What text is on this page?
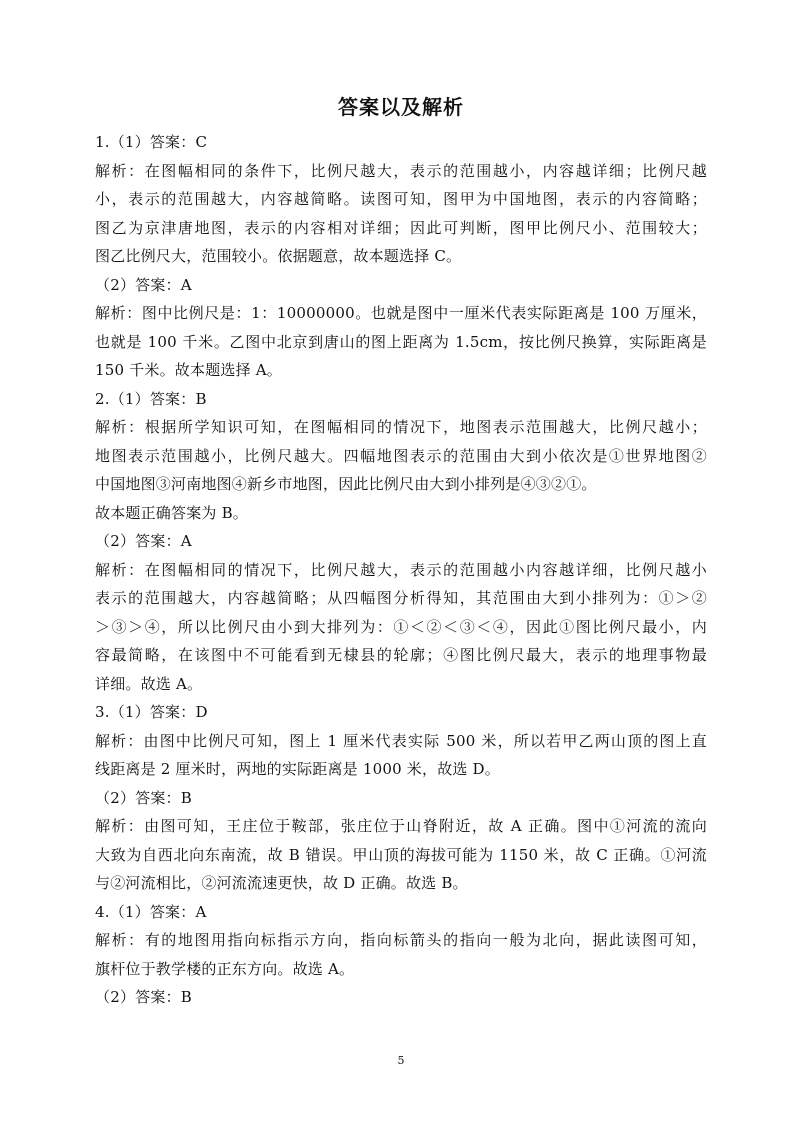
答案以及解析
1.（1）答案：C
解析：在图幅相同的条件下，比例尺越大，表示的范围越小，内容越详细；比例尺越
小，表示的范围越大，内容越简略。读图可知，图甲为中国地图，表示的内容简略；
图乙为京津唐地图，表示的内容相对详细；因此可判断，图甲比例尺小、范围较大；
图乙比例尺大，范围较小。依据题意，故本题选择 C。
（2）答案：A
解析：图中比例尺是：1：10000000。也就是图中一厘米代表实际距离是 100 万厘米，
也就是 100 千米。乙图中北京到唐山的图上距离为 1.5cm，按比例尺换算，实际距离是
150 千米。故本题选择 A。
2.（1）答案：B
解析：根据所学知识可知，在图幅相同的情况下，地图表示范围越大，比例尺越小；
地图表示范围越小，比例尺越大。四幅地图表示的范围由大到小依次是①世界地图②
中国地图③河南地图④新乡市地图，因此比例尺由大到小排列是④③②①。
故本题正确答案为 B。
（2）答案：A
解析：在图幅相同的情况下，比例尺越大，表示的范围越小内容越详细，比例尺越小
表示的范围越大，内容越简略；从四幅图分析得知，其范围由大到小排列为：①＞②
＞③＞④，所以比例尺由小到大排列为：①＜②＜③＜④，因此①图比例尺最小，内
容最简略，在该图中不可能看到无棣县的轮廓；④图比例尺最大，表示的地理事物最
详细。故选 A。
3.（1）答案：D
解析：由图中比例尺可知，图上 1 厘米代表实际 500 米，所以若甲乙两山顶的图上直
线距离是 2 厘米时，两地的实际距离是 1000 米，故选 D。
（2）答案：B
解析：由图可知，王庄位于鞍部，张庄位于山脊附近，故 A 正确。图中①河流的流向
大致为自西北向东南流，故 B 错误。甲山顶的海拔可能为 1150 米，故 C 正确。①河流
与②河流相比，②河流流速更快，故 D 正确。故选 B。
4.（1）答案：A
解析：有的地图用指向标指示方向，指向标箭头的指向一般为北向，据此读图可知，
旗杆位于教学楼的正东方向。故选 A。
（2）答案：B
5
